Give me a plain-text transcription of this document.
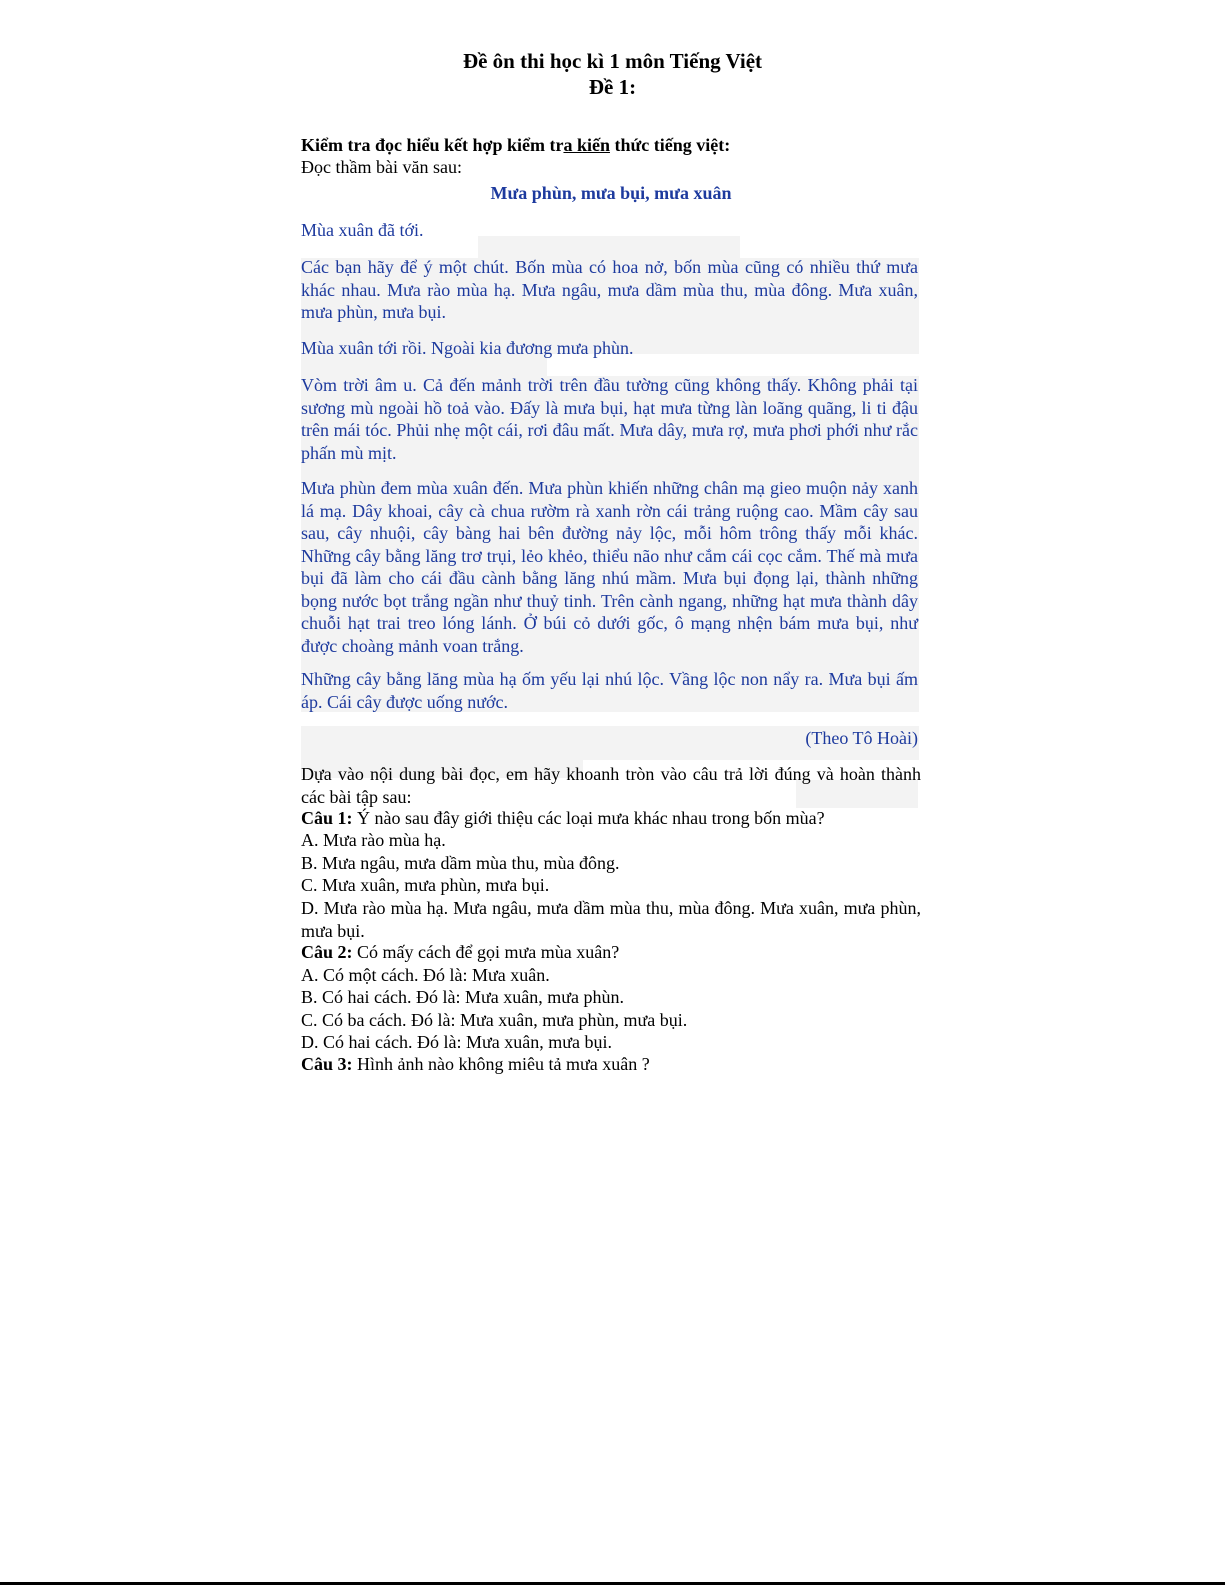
Đề ôn thi học kì 1 môn Tiếng Việt
Đề 1:
Kiểm tra đọc hiểu kết hợp kiểm tra kiến thức tiếng việt:
Đọc thầm bài văn sau:
Mưa phùn, mưa bụi, mưa xuân
Mùa xuân đã tới.
Các bạn hãy để ý một chút. Bốn mùa có hoa nở, bốn mùa cũng có nhiều thứ mưa khác nhau. Mưa rào mùa hạ. Mưa ngâu, mưa dầm mùa thu, mùa đông. Mưa xuân, mưa phùn, mưa bụi.
Mùa xuân tới rồi. Ngoài kia đương mưa phùn.
Vòm trời âm u. Cả đến mảnh trời trên đầu tường cũng không thấy. Không phải tại sương mù ngoài hồ toả vào. Đấy là mưa bụi, hạt mưa từng làn loãng quãng, li ti đậu trên mái tóc. Phủi nhẹ một cái, rơi đâu mất. Mưa dây, mưa rợ, mưa phơi phới như rắc phấn mù mịt.
Mưa phùn đem mùa xuân đến. Mưa phùn khiến những chân mạ gieo muộn nảy xanh lá mạ. Dây khoai, cây cà chua rườm rà xanh rờn cái trảng ruộng cao. Mầm cây sau sau, cây nhuội, cây bàng hai bên đường nảy lộc, mỗi hôm trông thấy mỗi khác. Những cây bằng lăng trơ trụi, lẻo khẻo, thiểu não như cắm cái cọc cắm. Thế mà mưa bụi đã làm cho cái đầu cành bằng lăng nhú mầm. Mưa bụi đọng lại, thành những bọng nước bọt trắng ngần như thuỷ tinh. Trên cành ngang, những hạt mưa thành dây chuỗi hạt trai treo lóng lánh. Ở búi cỏ dưới gốc, ô mạng nhện bám mưa bụi, như được choàng mảnh voan trắng.
Những cây bằng lăng mùa hạ ốm yếu lại nhú lộc. Vầng lộc non nẩy ra. Mưa bụi ấm áp. Cái cây được uống nước.
(Theo Tô Hoài)
Dựa vào nội dung bài đọc, em hãy khoanh tròn vào câu trả lời đúng và hoàn thành các bài tập sau:
Câu 1: Ý nào sau đây giới thiệu các loại mưa khác nhau trong bốn mùa?
A. Mưa rào mùa hạ.
B. Mưa ngâu, mưa dầm mùa thu, mùa đông.
C. Mưa xuân, mưa phùn, mưa bụi.
D. Mưa rào mùa hạ. Mưa ngâu, mưa dầm mùa thu, mùa đông. Mưa xuân, mưa phùn, mưa bụi.
Câu 2: Có mấy cách để gọi mưa mùa xuân?
A. Có một cách. Đó là: Mưa xuân.
B. Có hai cách. Đó là: Mưa xuân, mưa phùn.
C. Có ba cách. Đó là: Mưa xuân, mưa phùn, mưa bụi.
D. Có hai cách. Đó là: Mưa xuân, mưa bụi.
Câu 3: Hình ảnh nào không miêu tả mưa xuân ?
